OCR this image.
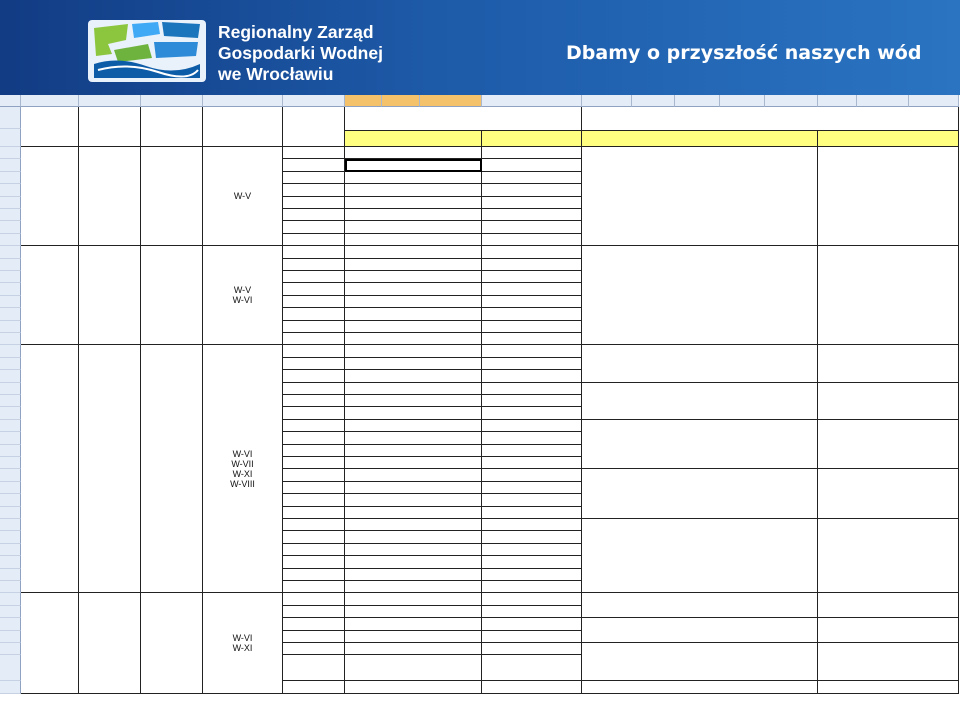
Regionalny Zarząd
Gospodarki Wodnej
we Wrocławiu
Dbamy o przyszłość naszych wód
W-V
W-V
W-VI
W-VI
W-VII
W-XI
W-VIII
W-VI
W-XI
